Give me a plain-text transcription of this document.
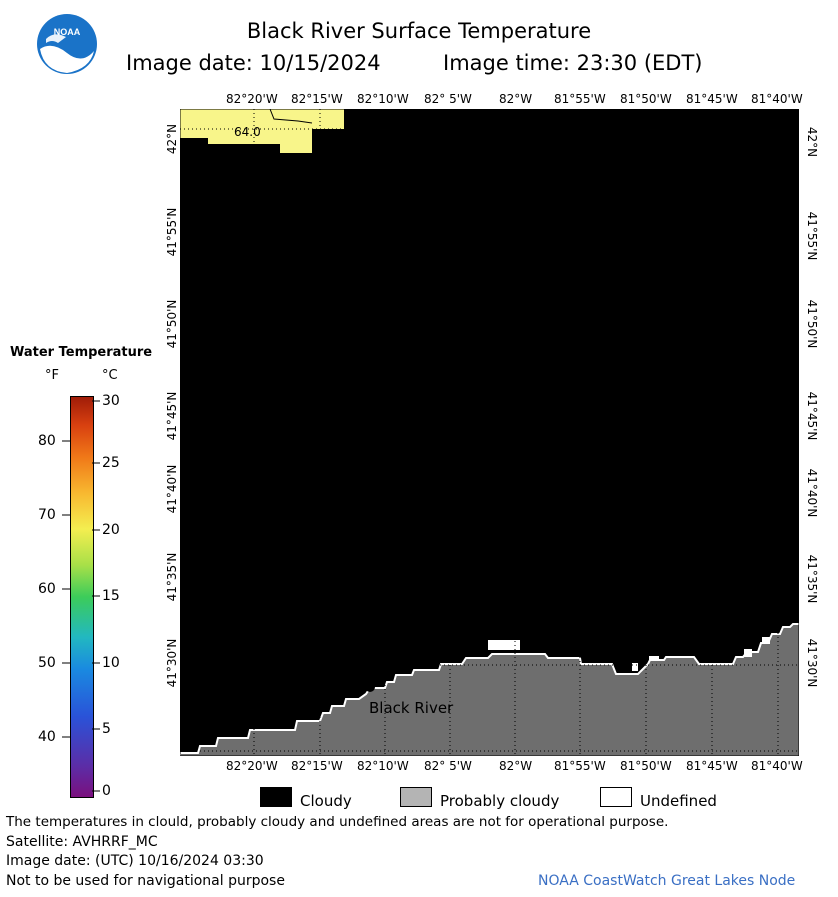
NOAA	Black River Surface Temperature
Image date: 10/15/2024	Image time: 23:30 (EDT)
82°20'W 82°15'W 82°10'W 82° 5'W 82°W 81°55'W 81°50'W 81°45'W 81°40'W
82°20'W 82°15'W 82°10'W 82° 5'W 82°W 81°55'W 81°50'W 81°45'W 81°40'W
42°N
41°55'N
41°50'N
41°45'N
41°40'N
41°35'N
41°30'N
42°N
41°55'N
41°50'N
41°45'N
41°40'N
41°35'N
41°30'N
Black River
64.0
Water Temperature
°F	°C
80
70
60
50
40
30
25
20
15
10
5
0
Cloudy	Probably cloudy	Undefined
The temperatures in clould, probably cloudy and undefined areas are not for operational purpose.
Satellite: AVHRRF_MC
Image date: (UTC) 10/16/2024 03:30
Not to be used for navigational purpose	NOAA CoastWatch Great Lakes Node
